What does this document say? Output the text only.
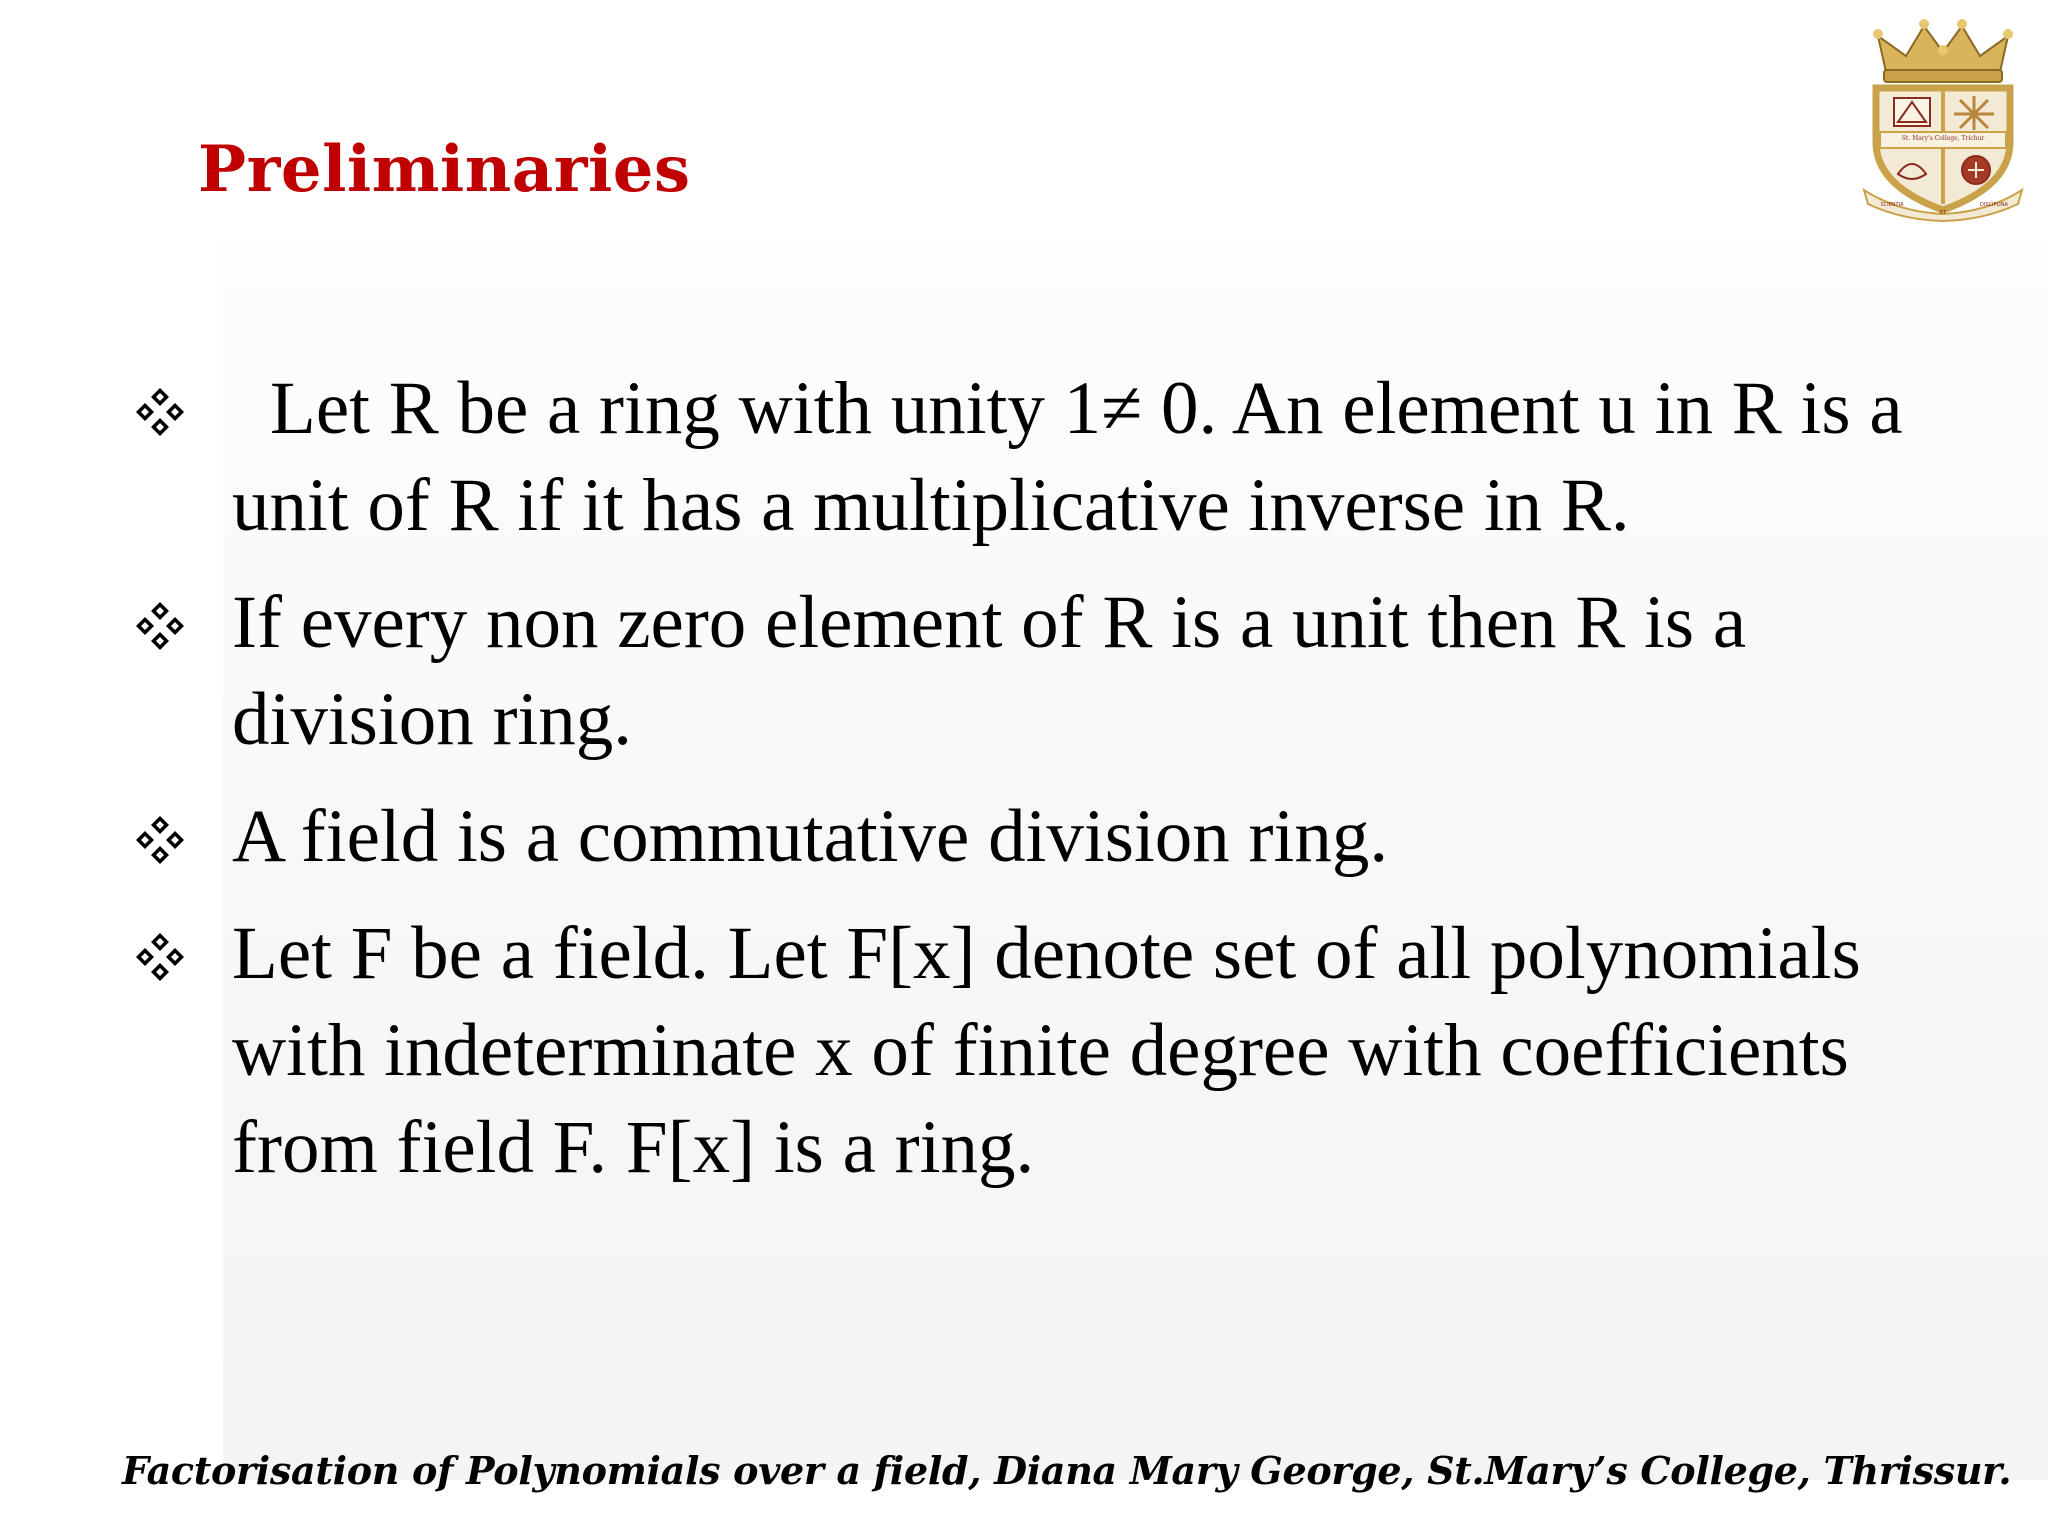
Preliminaries	St. Mary's College, Trichur
SCIENTIA
ET
DISCIPLINA
Let R be a ring with unity 1≠ 0. An element u in R is a unit of R if it has a multiplicative inverse in R.
If every non zero element of R is a unit then R is a division ring.
A field is a commutative division ring.
Let F be a field. Let F[x] denote set of all polynomials with indeterminate x of finite degree with coefficients from field F. F[x] is a ring.

Factorisation of Polynomials over a field, Diana Mary George, St.Mary’s College, Thrissur.
